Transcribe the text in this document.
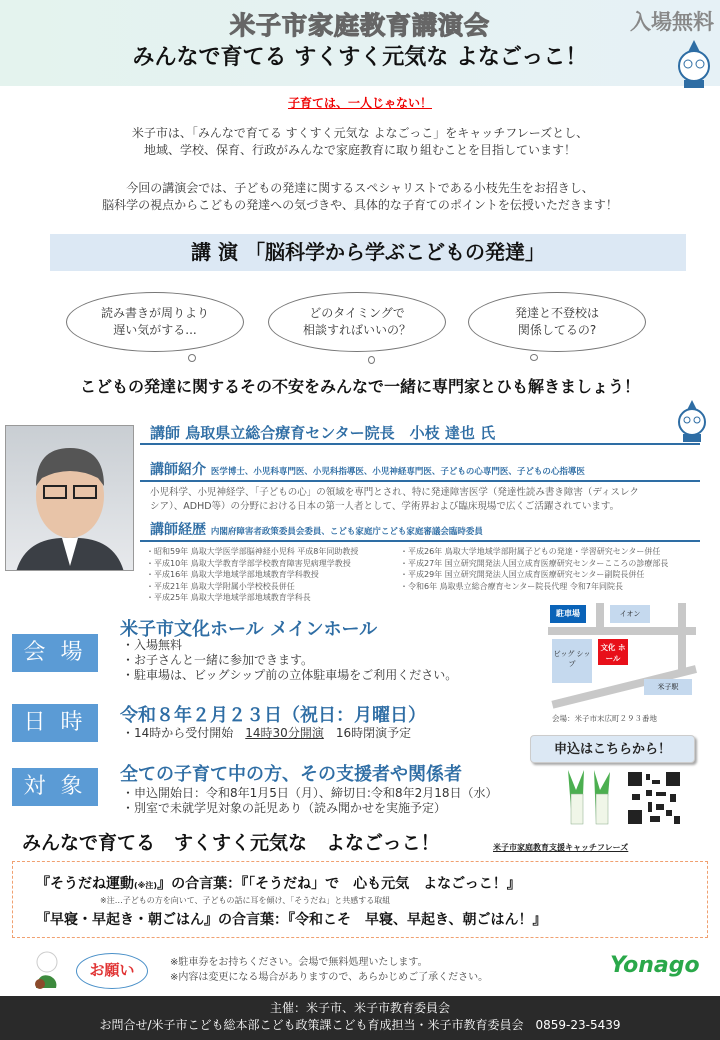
米子市家庭教育講演会	入場無料
みんなで育てる すくすく元気な よなごっこ！
子育ては、一人じゃない！
米子市は、「みんなで育てる すくすく元気な よなごっこ」をキャッチフレーズとし、
地域、学校、保育、行政がみんなで家庭教育に取り組むことを目指しています！
今回の講演会では、子どもの発達に関するスペシャリストである小枝先生をお招きし、
脳科学の視点からこどもの発達への気づきや、具体的な子育てのポイントを伝授いただきます！
講 演 「脳科学から学ぶこどもの発達」
読み書きが周りより
遅い気がする...
どのタイミングで
相談すればいいの？
発達と不登校は
関係してるの?
こどもの発達に関するその不安をみんなで一緒に専門家とひも解きましょう！
講師 鳥取県立総合療育センター院長　小枝 達也 氏
講師紹介 医学博士、小児科専門医、小児科指導医、小児神経専門医、子どもの心専門医、子どもの心指導医
小児科学、小児神経学、「子どもの心」の領域を専門とされ、特に発達障害医学（発達性読み書き障害（ディスレク
シア）、ADHD等）の分野における日本の第一人者として、学術界および臨床現場で広くご活躍されています。
講師経歴 内閣府障害者政策委員会委員、こども家庭庁こども家庭審議会臨時委員
・昭和59年 鳥取大学医学部脳神経小児科 平成8年同助教授
・平成10年 鳥取大学教育学部学校教育障害児病理学教授
・平成16年 鳥取大学地域学部地域教育学科教授
・平成21年 鳥取大学附属小学校校長併任
・平成25年 鳥取大学地域学部地域教育学科長
・平成26年 鳥取大学地域学部附属子どもの発達・学習研究センター併任
・平成27年 国立研究開発法人国立成育医療研究センターこころの診療部長
・平成29年 国立研究開発法人国立成育医療研究センター副院長併任
・令和6年 鳥取県立総合療育センター院長代理 令和7年同院長
会 場
米子市文化ホール メインホール
・入場無料
・お子さんと一緒に参加できます。
・駐車場は、ビッグシップ前の立体駐車場をご利用ください。
日 時	令和８年２月２３日（祝日：月曜日）
・14時から受付開始　14時30分開演　16時閉演予定
対 象	全ての子育て中の方、その支援者や関係者
・申込開始日：令和8年1月5日（月）、締切日:令和8年2月18日（水）
・別室で未就学児対象の託児あり（読み聞かせを実施予定）
駐車場	イオン
ビッグ シップ
文化 ホール
米子駅
会場：米子市末広町２９３番地
申込はこちらから！
みんなで育てる　すくすく元気な　よなごっこ！	米子市家庭教育支援キャッチフレーズ
『そうだね運動(※注)』の合言葉：『「そうだね」で　心も元気　よなごっこ！』
※注…子どもの方を向いて、子どもの話に耳を傾け、「そうだね」と共感する取組
『早寝・早起き・朝ごはん』の合言葉：『令和こそ　早寝、早起き、朝ごはん！』
お願い	※駐車券をお持ちください。会場で無料処理いたします。
※内容は変更になる場合がありますので、あらかじめご了承ください。	Yonago
主催：米子市、米子市教育委員会
お問合せ/米子市こども総本部こども政策課こども育成担当・米子市教育委員会　0859-23-5439
